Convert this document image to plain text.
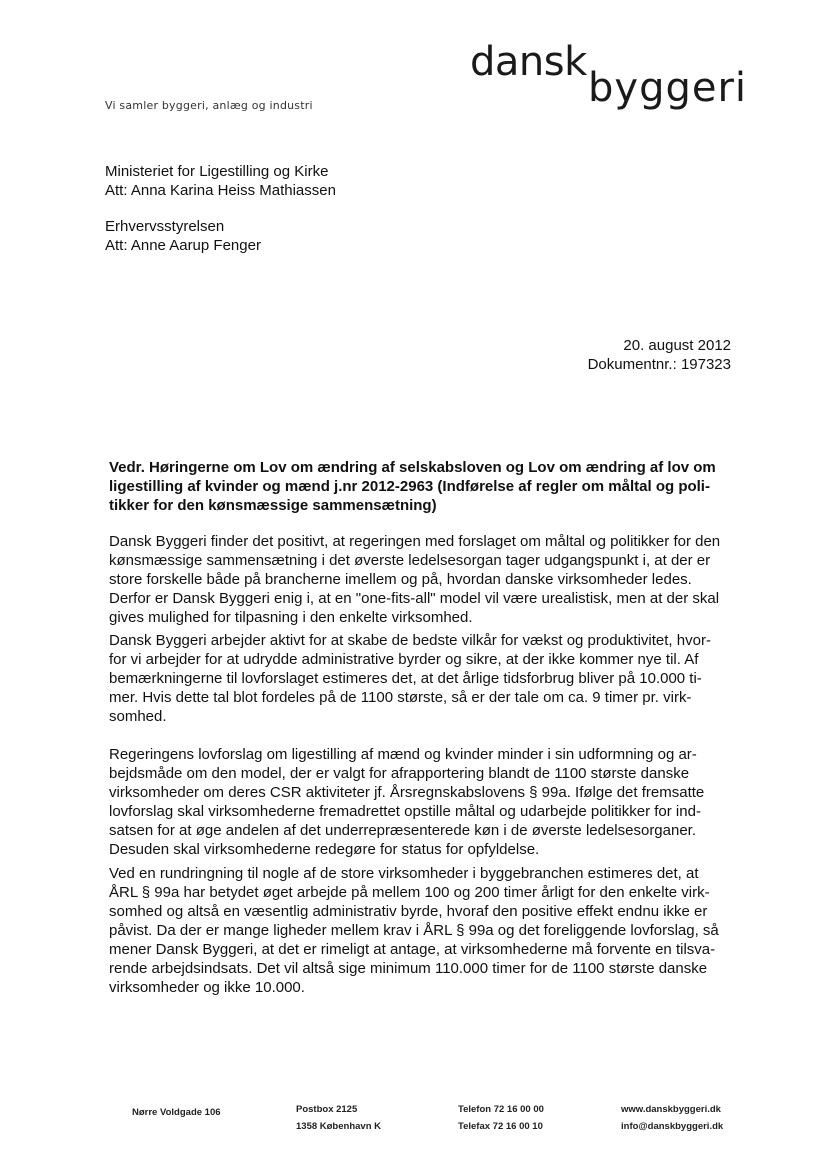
dansk
byggeri
Vi samler byggeri, anlæg og industri
Ministeriet for Ligestilling og Kirke
Att: Anna Karina Heiss Mathiassen
Erhvervsstyrelsen
Att: Anne Aarup Fenger
20. august 2012
Dokumentnr.: 197323
Vedr. Høringerne om Lov om ændring af selskabsloven og Lov om ændring af lov om
ligestilling af kvinder og mænd j.nr 2012-2963 (Indførelse af regler om måltal og poli-
tikker for den kønsmæssige sammensætning)
Dansk Byggeri finder det positivt, at regeringen med forslaget om måltal og politikker for den
kønsmæssige sammensætning i det øverste ledelsesorgan tager udgangspunkt i, at der er
store forskelle både på brancherne imellem og på, hvordan danske virksomheder ledes.
Derfor er Dansk Byggeri enig i, at en "one-fits-all" model vil være urealistisk, men at der skal
gives mulighed for tilpasning i den enkelte virksomhed.
Dansk Byggeri arbejder aktivt for at skabe de bedste vilkår for vækst og produktivitet, hvor-
for vi arbejder for at udrydde administrative byrder og sikre, at der ikke kommer nye til. Af
bemærkningerne til lovforslaget estimeres det, at det årlige tidsforbrug bliver på 10.000 ti-
mer. Hvis dette tal blot fordeles på de 1100 største, så er der tale om ca. 9 timer pr. virk-
somhed.
Regeringens lovforslag om ligestilling af mænd og kvinder minder i sin udformning og ar-
bejdsmåde om den model, der er valgt for afrapportering blandt de 1100 største danske
virksomheder om deres CSR aktiviteter jf. Årsregnskabslovens § 99a. Ifølge det fremsatte
lovforslag skal virksomhederne fremadrettet opstille måltal og udarbejde politikker for ind-
satsen for at øge andelen af det underrepræsenterede køn i de øverste ledelsesorganer.
Desuden skal virksomhederne redegøre for status for opfyldelse.
Ved en rundringning til nogle af de store virksomheder i byggebranchen estimeres det, at
ÅRL § 99a har betydet øget arbejde på mellem 100 og 200 timer årligt for den enkelte virk-
somhed og altså en væsentlig administrativ byrde, hvoraf den positive effekt endnu ikke er
påvist. Da der er mange ligheder mellem krav i ÅRL § 99a og det foreliggende lovforslag, så
mener Dansk Byggeri, at det er rimeligt at antage, at virksomhederne må forvente en tilsva-
rende arbejdsindsats. Det vil altså sige minimum 110.000 timer for de 1100 største danske
virksomheder og ikke 10.000.
Nørre Voldgade 106	Postbox 2125
1358 København K
Telefon 72 16 00 00
Telefax 72 16 00 10
www.danskbyggeri.dk
info@danskbyggeri.dk
